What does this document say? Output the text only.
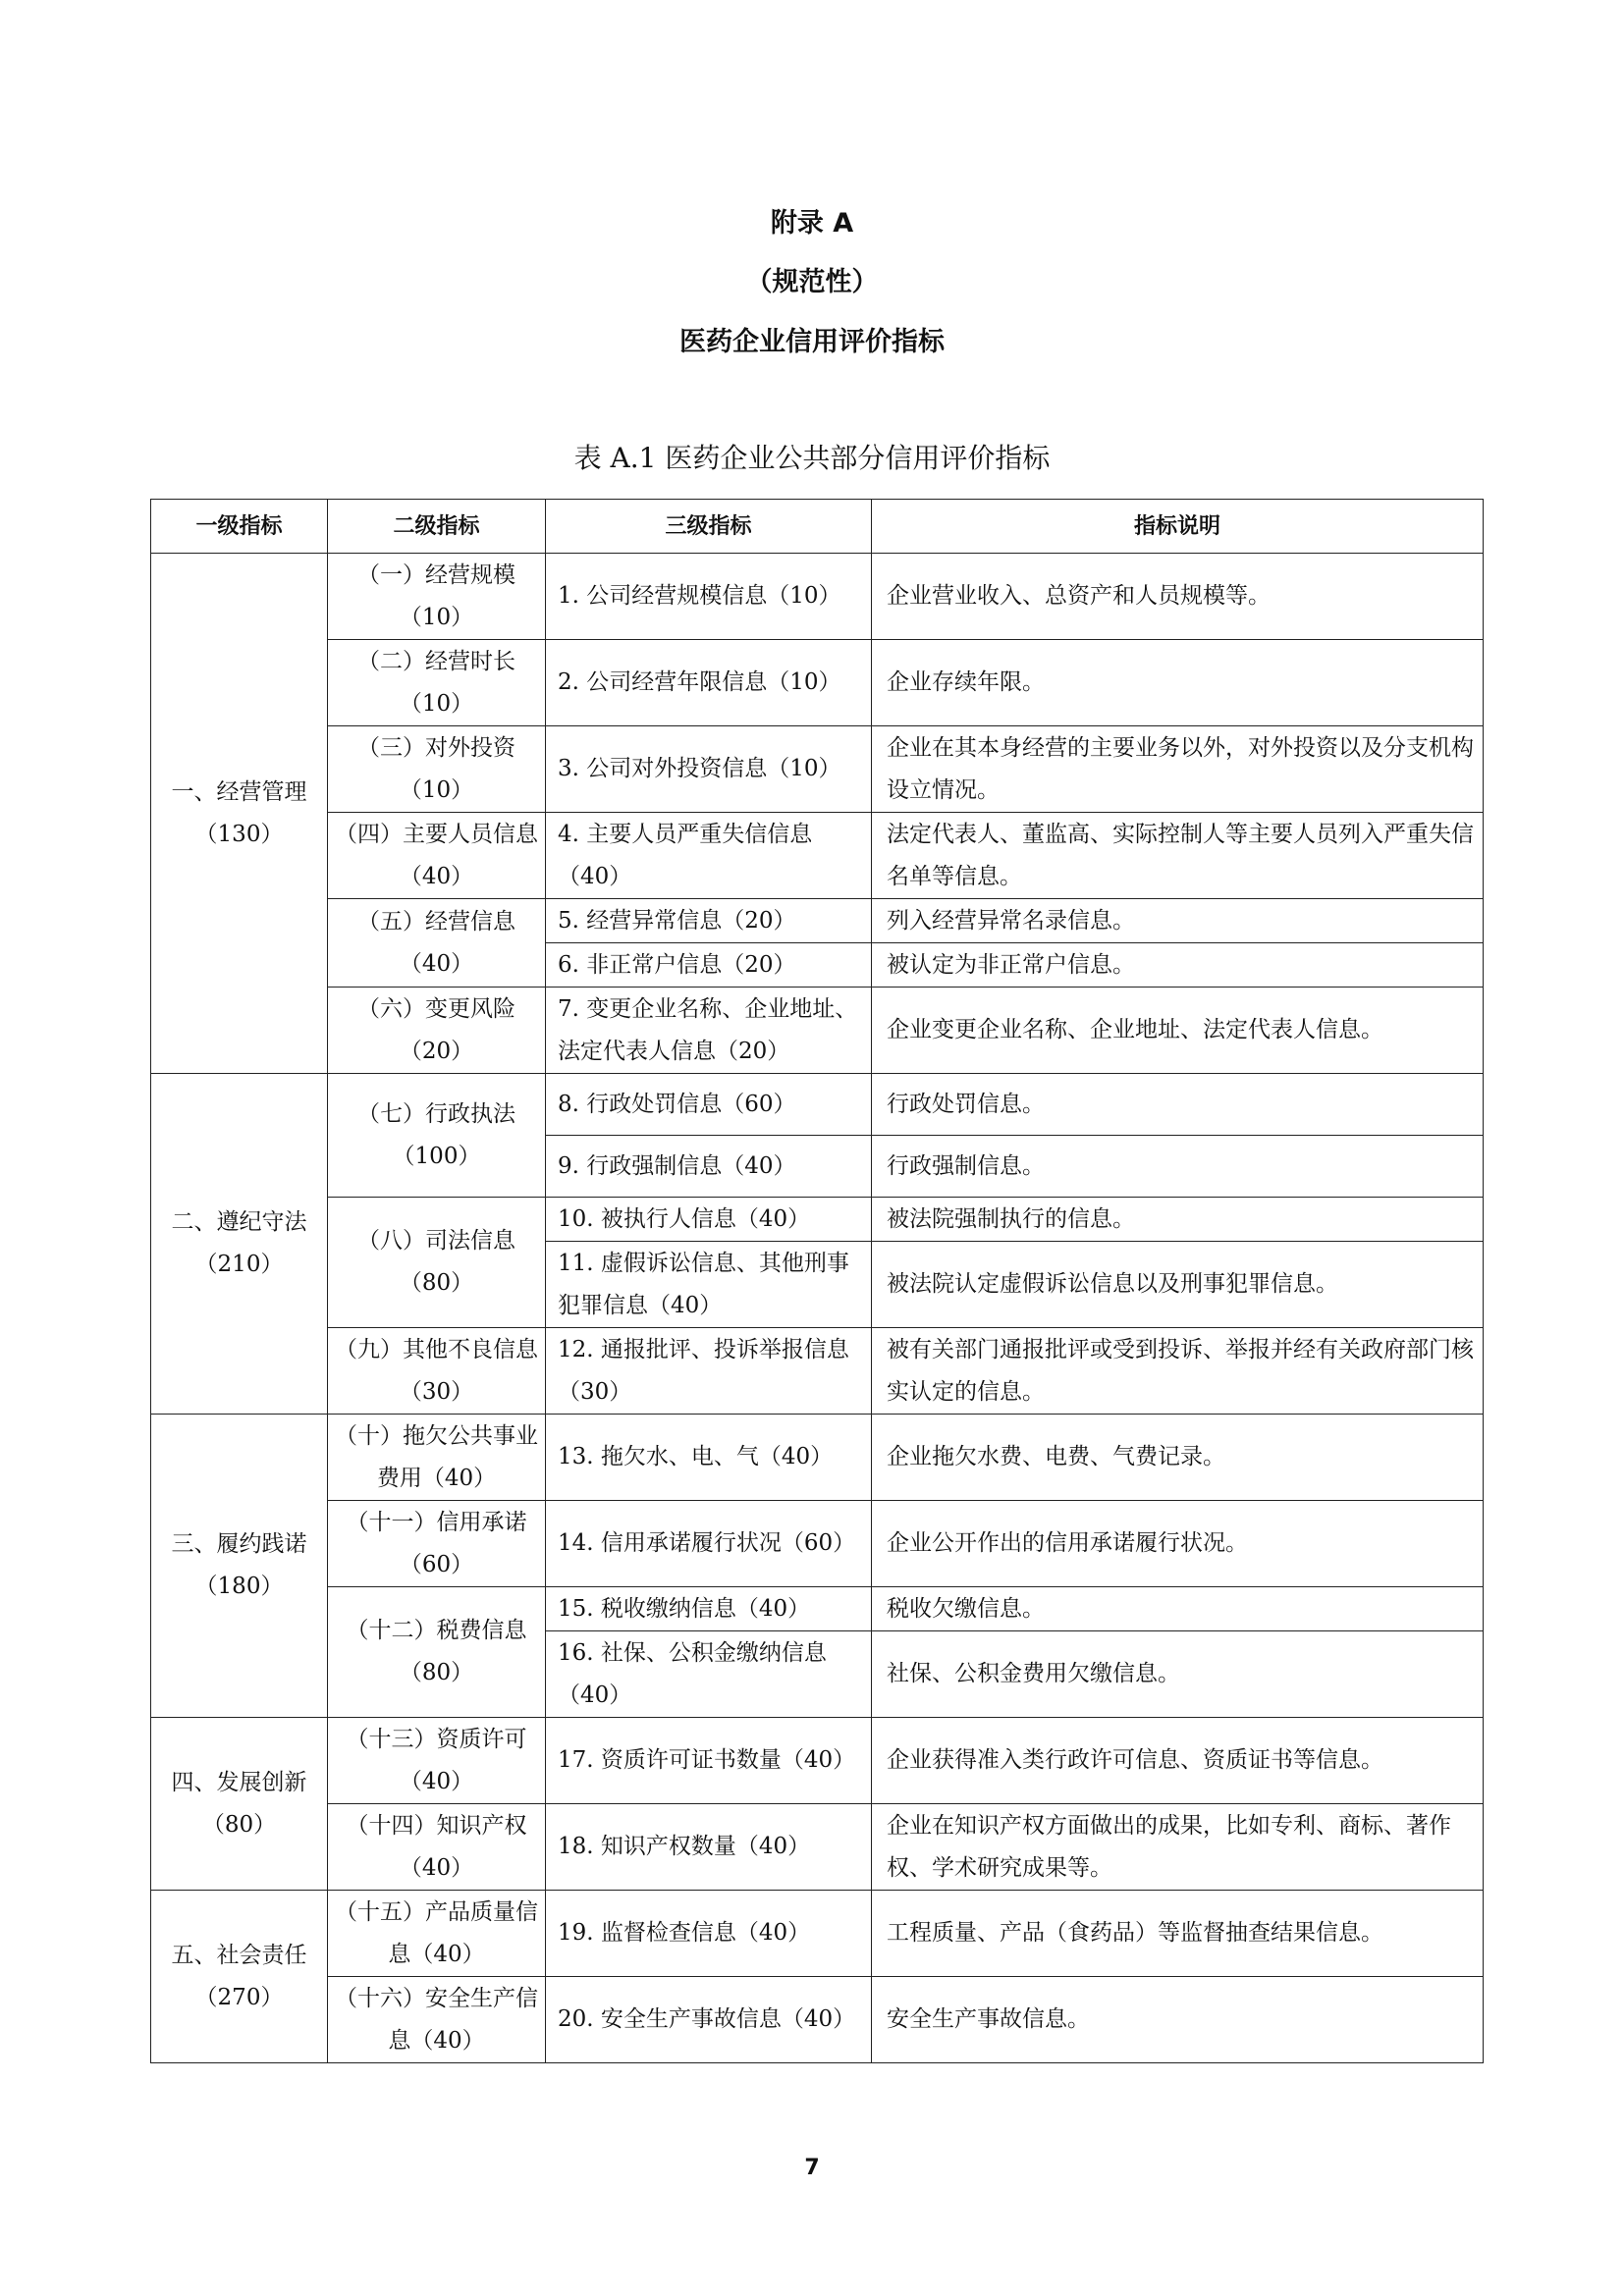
附录 A
（规范性）
医药企业信用评价指标
表 A.1 医药企业公共部分信用评价指标
一级指标	二级指标	三级指标	指标说明
一、经营管理（130）	（一）经营规模（10）	1. 公司经营规模信息（10）	企业营业收入、总资产和人员规模等。
	（二）经营时长（10）	2. 公司经营年限信息（10）	企业存续年限。
	（三）对外投资（10）	3. 公司对外投资信息（10）	企业在其本身经营的主要业务以外，对外投资以及分支机构设立情况。
	（四）主要人员信息（40）	4. 主要人员严重失信信息（40）	法定代表人、董监高、实际控制人等主要人员列入严重失信名单等信息。
	（五）经营信息（40）	5. 经营异常信息（20）	列入经营异常名录信息。
		6. 非正常户信息（20）	被认定为非正常户信息。
	（六）变更风险（20）	7. 变更企业名称、企业地址、法定代表人信息（20）	企业变更企业名称、企业地址、法定代表人信息。
二、遵纪守法（210）	（七）行政执法（100）	8. 行政处罚信息（60）	行政处罚信息。
		9. 行政强制信息（40）	行政强制信息。
	（八）司法信息（80）	10. 被执行人信息（40）	被法院强制执行的信息。
		11. 虚假诉讼信息、其他刑事犯罪信息（40）	被法院认定虚假诉讼信息以及刑事犯罪信息。
	（九）其他不良信息（30）	12. 通报批评、投诉举报信息（30）	被有关部门通报批评或受到投诉、举报并经有关政府部门核实认定的信息。
三、履约践诺（180）	（十）拖欠公共事业费用（40）	13. 拖欠水、电、气（40）	企业拖欠水费、电费、气费记录。
	（十一）信用承诺（60）	14. 信用承诺履行状况（60）	企业公开作出的信用承诺履行状况。
	（十二）税费信息（80）	15. 税收缴纳信息（40）	税收欠缴信息。
		16. 社保、公积金缴纳信息（40）	社保、公积金费用欠缴信息。
四、发展创新（80）	（十三）资质许可（40）	17. 资质许可证书数量（40）	企业获得准入类行政许可信息、资质证书等信息。
	（十四）知识产权（40）	18. 知识产权数量（40）	企业在知识产权方面做出的成果，比如专利、商标、著作权、学术研究成果等。
五、社会责任（270）	（十五）产品质量信息（40）	19. 监督检查信息（40）	工程质量、产品（食药品）等监督抽查结果信息。
	（十六）安全生产信息（40）	20. 安全生产事故信息（40）	安全生产事故信息。
7
